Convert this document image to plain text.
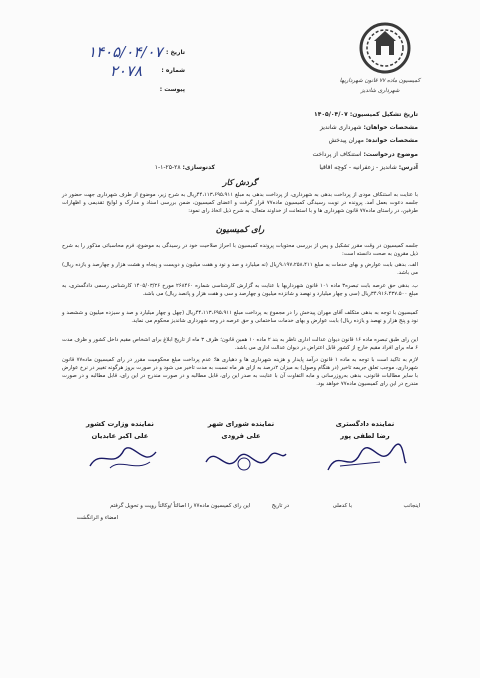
۱۴۰۵/۰۴/۰۷
۲۰۷۸
تاریخ :
شماره :
پیوست :
کمیسیون ماده ۷۷ قانون شهرداریها
شهرداری شاندیز
تاریخ تشکیل کمیسیون: ۱۴۰۵/۰۴/۰۷
مشخصات خواهان: شهرداری شاندیز
مشخصات خوانده: مهران پیدخش
موضوع درخواست: استنکاف از پرداخت
آدرس: شاندیز - زعفرانیه - کوچه اقاقیا
کدنوسازی: ۲۸-۲۵-۱-۱
گردش کار
با عنایت به استنکاف مودی از پرداخت بدهی به شهرداری، از پرداخت بدهی به مبلغ ۴۴،۱۱۳،۶۹۵،۹۱۱ریال به شرح زیر، موضوع از طرف شهرداری جهت حضور در جلسه دعوت بعمل آمد. پرونده در نوبت رسیدگی کمیسیون ماده۷۷ قرار گرفت و اعضای کمیسیون، ضمن بررسی اسناد و مدارک و لوایح تقدیمی و اظهارات طرفین، در راستای ماده۷۷ قانون شهرداری ها و با استعانت از خداوند متعال، به شرح ذیل اتخاذ رای نمود:
رای کمیسیون
جلسه کمیسیون در وقت مقرر تشکیل و پس از بررسی محتویات پرونده کمیسیون با احراز صلاحیت خود در رسیدگی به موضوع، فرم محاسباتی مذکور را به شرح ذیل مقرون به صحت دانسته است:
الف. بدهی بابت عوارض و بهای خدمات به مبلغ ۹،۱۹۷،۲۵۸،۴۱۱ریال (نه میلیارد و صد و نود و هفت میلیون و دویست و پنجاه و هشت هزار و چهارصد و یازده ریال) می باشد.
ب. بدهی حق عرصه بابت تبصره۳ ماده ۱۰۱ قانون شهرداریها با عنایت به گزارش کارشناسی شماره ۲۶۸۴۶۰ مورخ ۱۴۰۵/۰۳/۲۶ کارشناس رسمی دادگستری، به مبلغ ۳۴،۹۱۶،۴۳۷،۵۰۰ریال (سی و چهار میلیارد و نهصد و شانزده میلیون و چهارصد و سی و هفت هزار و پانصد ریال) می باشد.
کمیسیون با توجه به بدهی متکلف آقای مهران پیدخش را در مجموع به پرداخت مبلغ ۴۴،۱۱۳،۶۹۵،۹۱۱ریال (چهل و چهار میلیارد و صد و سیزده میلیون و ششصد و نود و پنج هزار و نهصد و یازده ریال) بابت عوارض و بهای خدمات ساختمانی و حق عرصه در وجه شهرداری شاندیز محکوم می نماید.
این رای طبق تبصره ماده ۱۶ قانون دیوان عدالت اداری ناظر به بند ۲ ماده ۱۰ همین قانون؛ ظرف ۳ ماه از تاریخ ابلاغ برای اشخاص مقیم داخل کشور و ظرف مدت ۶ ماه برای افراد مقیم خارج از کشور قابل اعتراض در دیوان عدالت اداری می باشد.
لازم به تاکید است با توجه به ماده ۱ قانون درآمد پایدار و هزینه شهرداری ها و دهیاری ها؛ عدم پرداخت مبلغ محکومیت مقرر در رای کمیسیون ماده۷۷ قانون شهرداری، موجب تعلق جریمه تاخیر (در هنگام وصول) به میزان ۲درصد به ازای هر ماه نسبت به مدت تاخیر می شود و در صورت بروز هرگونه تغییر در نرخ عوارض با سایر مطالبات قانونی، بدهی به‌روزرسانی و مابه التفاوت آن با عنایت به صدر این رای، قابل مطالبه و در صورت مندرج در این رای، قابل مطالبه و در صورت مندرج در این رای کمیسیون ماده۷۷ خواهد بود.
نماینده دادگستری
رضا لطفی پور
نماینده شورای شهر
علی فرودی
نماینده وزارت کشور
علی اکبر عابدیان
اینجانب  با کدملی  در تاریخ  این رای کمیسیون ماده۷۷ را اصالتاً /وکالتاً رویت و تحویل گرفتم
امضاء و اثرانگشت
